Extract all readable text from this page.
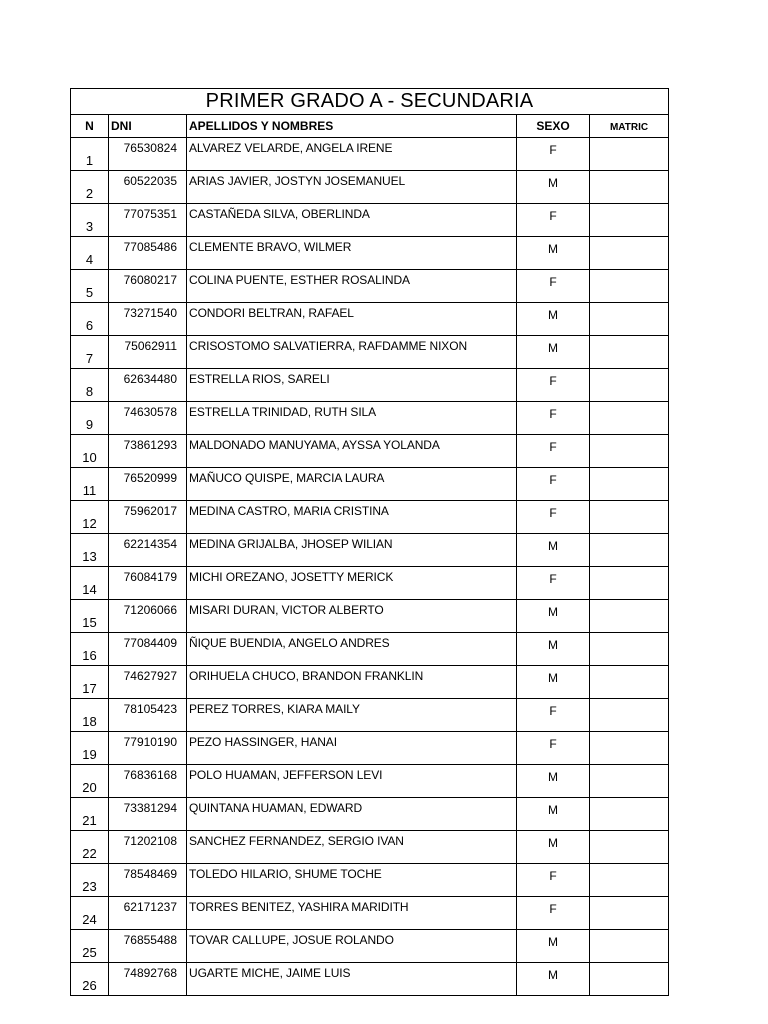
PRIMER GRADO A - SECUNDARIA				
N	DNI	APELLIDOS Y NOMBRES	SEXO	MATRIC
1	76530824	ALVAREZ VELARDE, ANGELA IRENE	F	
2	60522035	ARIAS JAVIER, JOSTYN JOSEMANUEL	M	
3	77075351	CASTAÑEDA SILVA, OBERLINDA	F	
4	77085486	CLEMENTE BRAVO, WILMER	M	
5	76080217	COLINA PUENTE, ESTHER ROSALINDA	F	
6	73271540	CONDORI BELTRAN, RAFAEL	M	
7	75062911	CRISOSTOMO SALVATIERRA, RAFDAMME NIXON	M	
8	62634480	ESTRELLA RIOS, SARELI	F	
9	74630578	ESTRELLA TRINIDAD, RUTH SILA	F	
10	73861293	MALDONADO MANUYAMA, AYSSA YOLANDA	F	
11	76520999	MAÑUCO QUISPE, MARCIA LAURA	F	
12	75962017	MEDINA CASTRO, MARIA CRISTINA	F	
13	62214354	MEDINA GRIJALBA, JHOSEP WILIAN	M	
14	76084179	MICHI OREZANO, JOSETTY MERICK	F	
15	71206066	MISARI DURAN, VICTOR ALBERTO	M	
16	77084409	ÑIQUE BUENDIA, ANGELO ANDRES	M	
17	74627927	ORIHUELA CHUCO, BRANDON FRANKLIN	M	
18	78105423	PEREZ TORRES, KIARA MAILY	F	
19	77910190	PEZO HASSINGER, HANAI	F	
20	76836168	POLO HUAMAN, JEFFERSON LEVI	M	
21	73381294	QUINTANA HUAMAN, EDWARD	M	
22	71202108	SANCHEZ FERNANDEZ, SERGIO IVAN	M	
23	78548469	TOLEDO HILARIO, SHUME TOCHE	F	
24	62171237	TORRES BENITEZ, YASHIRA MARIDITH	F	
25	76855488	TOVAR CALLUPE, JOSUE ROLANDO	M	
26	74892768	UGARTE MICHE, JAIME LUIS	M	
